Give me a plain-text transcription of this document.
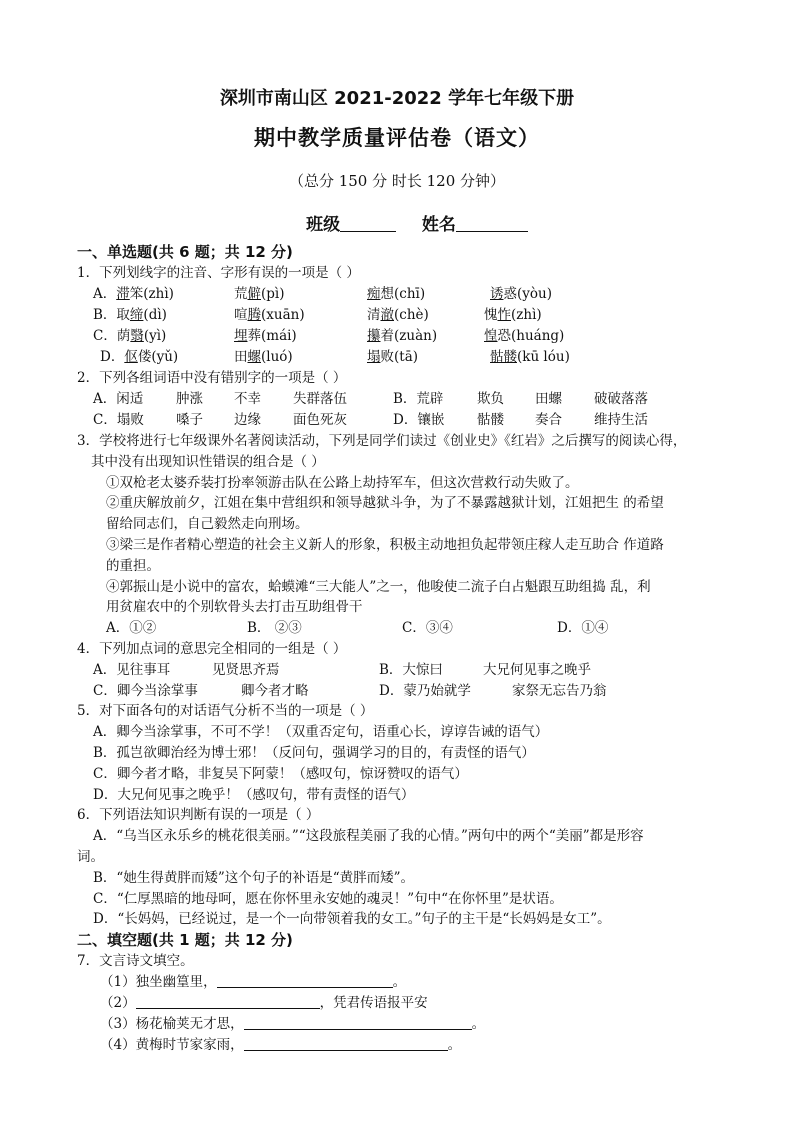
深圳市南山区 2021-2022 学年七年级下册
期中教学质量评估卷（语文）
（总分 150 分 时长 120 分钟）
班级	姓名
一、单选题(共 6 题；共 12 分)
1．下列划线字的注音、字形有误的一项是（ ）
A．滞笨(zhì)	荒僻(pì)	痴想(chī)	诱惑(yòu)
B．取缔(dì)	喧腾(xuān)	清澈(chè)	愧怍(zhì)
C．荫翳(yì)	埋葬(mái)	攥着(zuàn)	惶恐(huáng)
D．伛偻(yǔ)	田螺(luó)	塌败(tā)	骷髅(kū lóu)
2．下列各组词语中没有错别字的一项是（ ）
A．闲适 肿涨 不幸 失群落伍	B．荒辟 欺负 田螺 破破落落
C．塌败 嗓子 边缘 面色死灰	D．镶嵌 骷髅 奏合 维持生活
3．学校将进行七年级课外名著阅读活动，下列是同学们读过《创业史》《红岩》之后撰写的阅读心得，
其中没有出现知识性错误的组合是（ ）
①双枪老太婆乔装打扮率领游击队在公路上劫持军车，但这次营救行动失败了。
②重庆解放前夕，江姐在集中营组织和领导越狱斗争，为了不暴露越狱计划，江姐把生 的希望
留给同志们，自己毅然走向刑场。
③梁三是作者精心塑造的社会主义新人的形象，积极主动地担负起带领庄稼人走互助合 作道路
的重担。
④郭振山是小说中的富农，蛤蟆滩“三大能人”之一，他唆使二流子白占魁跟互助组捣 乱，利
用贫雇农中的个别软骨头去打击互助组骨干
A．①②	B． ②③	C．③④	D．①④
4．下列加点词的意思完全相同的一组是（ ）
A．见往事耳	见贤思齐焉	B．大惊曰	大兄何见事之晚乎
C．卿今当涂掌事	卿今者才略	D．蒙乃始就学	家祭无忘告乃翁
5．对下面各句的对话语气分析不当的一项是（ ）
A．卿今当涂掌事，不可不学！（双重否定句，语重心长，谆谆告诫的语气）
B．孤岂欲卿治经为博士邪！（反问句，强调学习的目的，有责怪的语气）
C．卿今者才略，非复吴下阿蒙！（感叹句，惊讶赞叹的语气）
D．大兄何见事之晚乎！（感叹句，带有责怪的语气）
6．下列语法知识判断有误的一项是（ ）
A．“乌当区永乐乡的桃花很美丽。”“这段旅程美丽了我的心情。”两句中的两个“美丽”都是形容
词。
B．“她生得黄胖而矮”这个句子的补语是“黄胖而矮”。
C．“仁厚黑暗的地母呵，愿在你怀里永安她的魂灵！”句中“在你怀里”是状语。
D．“长妈妈，已经说过，是一个一向带领着我的女工。”句子的主干是“长妈妈是女工”。
二、填空题(共 1 题；共 12 分)
7．文言诗文填空。
（1）独坐幽篁里，	。
（2）	，凭君传语报平安
（3）杨花榆荚无才思，	。
（4）黄梅时节家家雨，	。
